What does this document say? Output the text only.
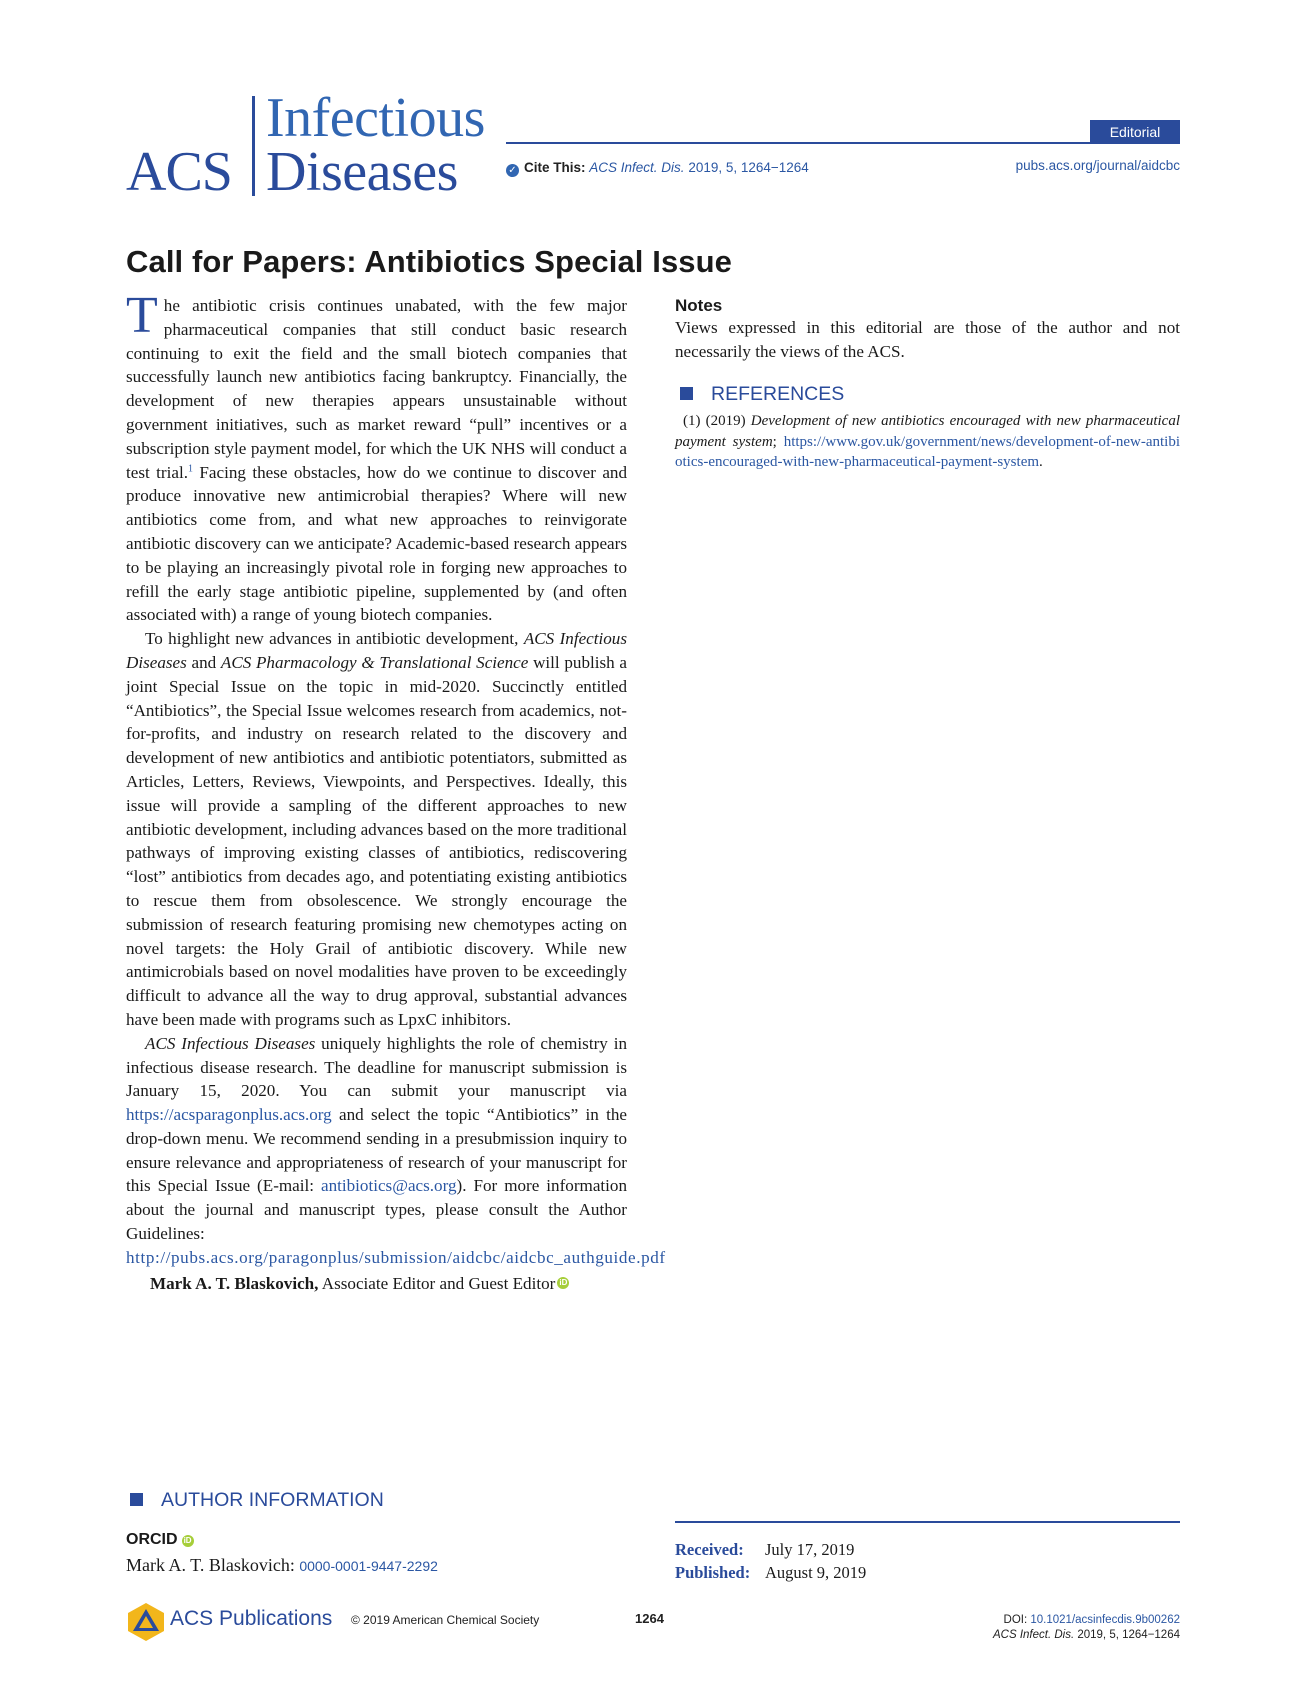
ACS
Infectious
Diseases
Editorial
✓ Cite This: ACS Infect. Dis. 2019, 5, 1264−1264	pubs.acs.org/journal/aidcbc
Call for Papers: Antibiotics Special Issue

The antibiotic crisis continues unabated, with the few major pharmaceutical companies that still conduct basic research continuing to exit the field and the small biotech companies that successfully launch new antibiotics facing bankruptcy. Financially, the development of new therapies appears unsustainable without government initiatives, such as market reward “pull” incentives or a subscription style payment model, for which the UK NHS will conduct a test trial.$^1$ Facing these obstacles, how do we continue to discover and produce innovative new antimicrobial therapies? Where will new antibiotics come from, and what new approaches to reinvigorate antibiotic discovery can we anticipate? Academic-based research appears to be playing an increasingly pivotal role in forging new approaches to refill the early stage antibiotic pipeline, supplemented by (and often associated with) a range of young biotech companies.

To highlight new advances in antibiotic development, ACS Infectious Diseases and ACS Pharmacology & Translational Science will publish a joint Special Issue on the topic in mid-2020. Succinctly entitled “Antibiotics”, the Special Issue welcomes research from academics, not-for-profits, and industry on research related to the discovery and development of new antibiotics and antibiotic potentiators, submitted as Articles, Letters, Reviews, Viewpoints, and Perspectives. Ideally, this issue will provide a sampling of the different approaches to new antibiotic development, including advances based on the more traditional pathways of improving existing classes of antibiotics, rediscovering “lost” antibiotics from decades ago, and potentiating existing antibiotics to rescue them from obsolescence. We strongly encourage the submission of research featuring promising new chemotypes acting on novel targets: the Holy Grail of antibiotic discovery. While new antimicrobials based on novel modalities have proven to be exceedingly difficult to advance all the way to drug approval, substantial advances have been made with programs such as LpxC inhibitors.

ACS Infectious Diseases uniquely highlights the role of chemistry in infectious disease research. The deadline for manuscript submission is January 15, 2020. You can submit your manuscript via https://acsparagonplus.acs.org and select the topic “Antibiotics” in the drop-down menu. We recommend sending in a presubmission inquiry to ensure relevance and appropriateness of research of your manuscript for this Special Issue (E-mail: antibiotics@acs.org). For more information about the journal and manuscript types, please consult the Author Guidelines: http://pubs.acs.org/paragonplus/submission/aidcbc/aidcbc_authguide.pdf

Mark A. T. Blaskovich, Associate Editor and Guest Editor iD

Notes

Views expressed in this editorial are those of the author and not necessarily the views of the ACS.

REFERENCES

(1) (2019) Development of new antibiotics encouraged with new pharmaceutical payment system; https://www.gov.uk/government/news/development-of-new-antibiotics-encouraged-with-new-pharmaceutical-payment-system.

AUTHOR INFORMATION
ORCID iD
Mark A. T. Blaskovich: 0000-0001-9447-2292
Received: July 17, 2019
Published: August 9, 2019
ACS Publications © 2019 American Chemical Society	1264	DOI: 10.1021/acsinfecdis.9b00262
ACS Infect. Dis. 2019, 5, 1264−1264
